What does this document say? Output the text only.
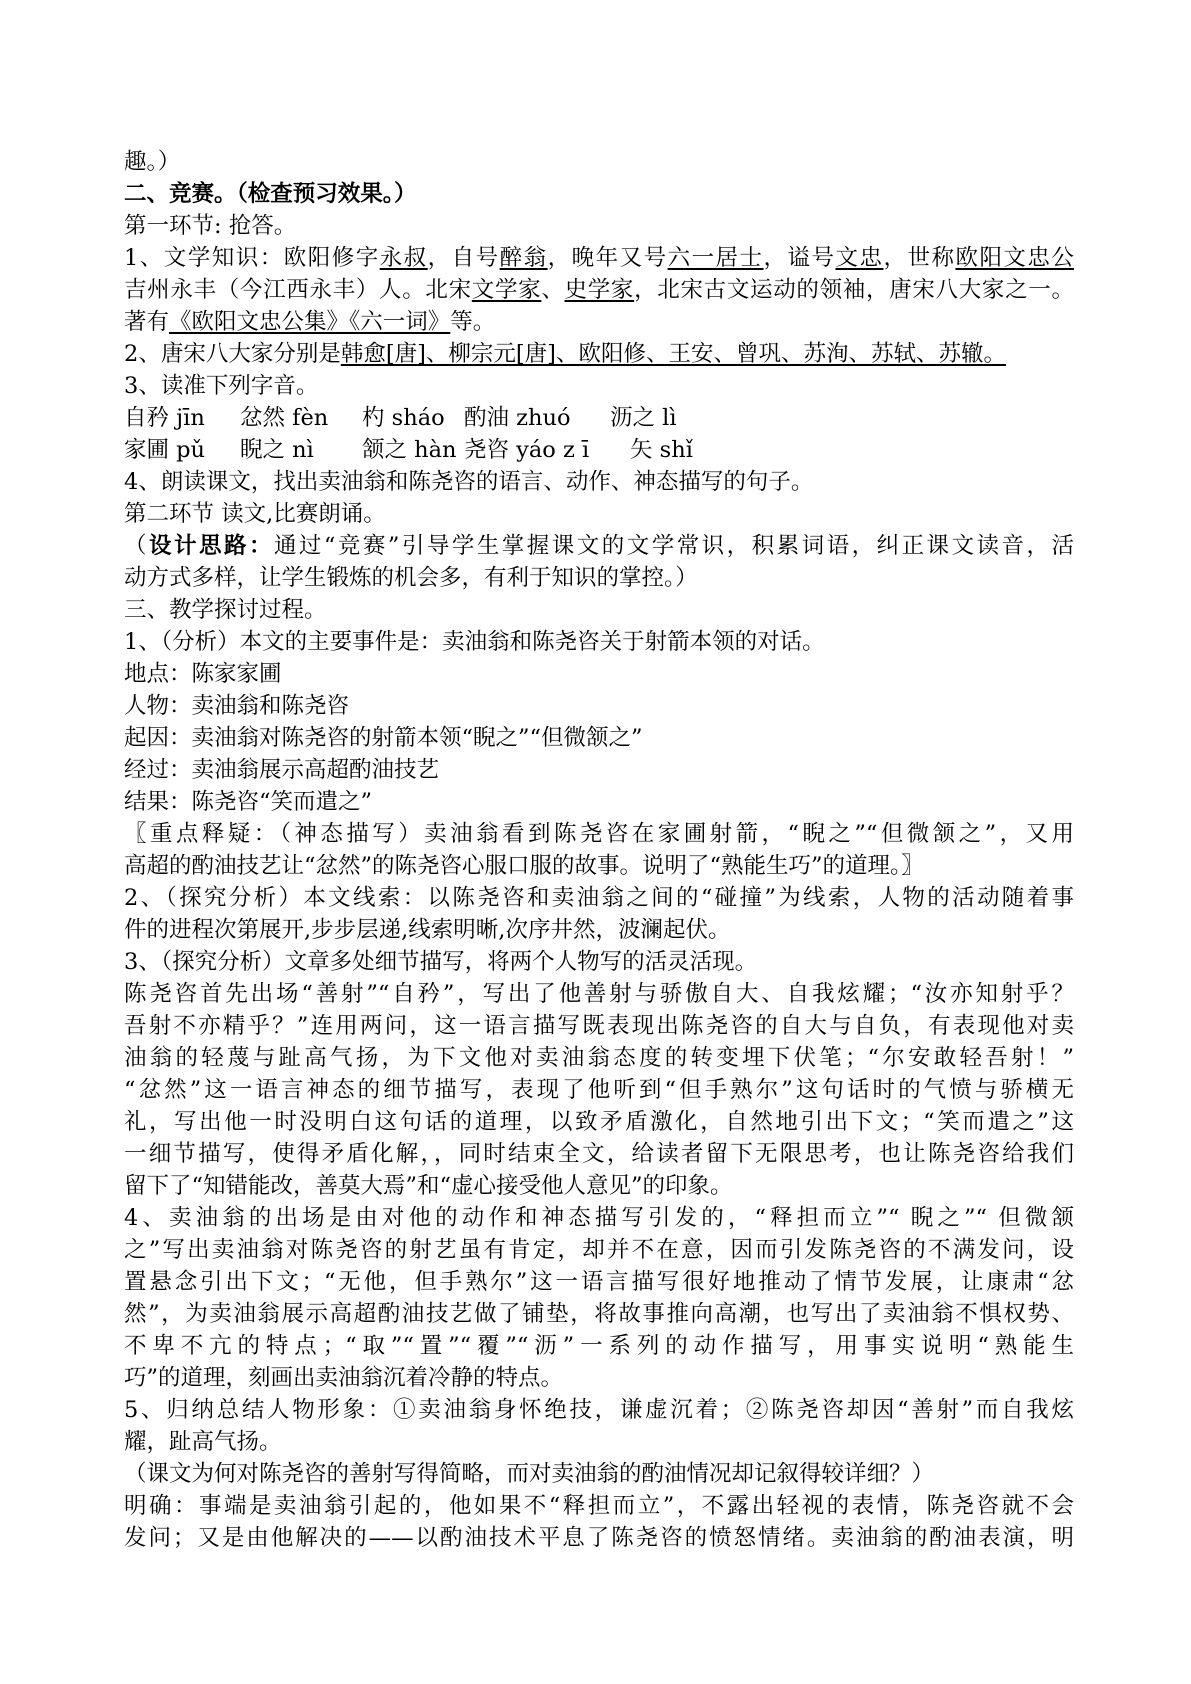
趣。）
二、竞赛。（检查预习效果。）
第一环节: 抢答。
1、文学知识：欧阳修字永叔，自号醉翁，晚年又号六一居士，谥号文忠，世称欧阳文忠公
吉州永丰（今江西永丰）人。北宋文学家、史学家，北宋古文运动的领袖，唐宋八大家之一。
著有《欧阳文忠公集》《六一词》等。
2、唐宋八大家分别是韩愈[唐]、柳宗元[唐]、欧阳修、王安、曾巩、苏洵、苏轼、苏辙。
3、读准下列字音。
自矜 jīn 忿然 fèn 杓 sháo 酌油 zhuó 沥之 lì
家圃 pǔ 睨之 nì 颔之 hàn 尧咨 yáo z ī 矢 shǐ
4、朗读课文，找出卖油翁和陈尧咨的语言、动作、神态描写的句子。
第二环节 读文,比赛朗诵。
（设计思路：通过“竞赛”引导学生掌握课文的文学常识，积累词语，纠正课文读音，活
动方式多样，让学生锻炼的机会多，有利于知识的掌控。）
三、教学探讨过程。
1、（分析）本文的主要事件是：卖油翁和陈尧咨关于射箭本领的对话。
地点：陈家家圃
人物：卖油翁和陈尧咨
起因：卖油翁对陈尧咨的射箭本领“睨之”“但微颔之”
经过：卖油翁展示高超酌油技艺
结果：陈尧咨“笑而遣之”
〖重点释疑：（神态描写）卖油翁看到陈尧咨在家圃射箭，“睨之”“但微颔之”，又用
高超的酌油技艺让“忿然”的陈尧咨心服口服的故事。说明了“熟能生巧”的道理。〗
2、（探究分析）本文线索：以陈尧咨和卖油翁之间的“碰撞”为线索，人物的活动随着事
件的进程次第展开,步步层递,线索明晰,次序井然，波澜起伏。
3、（探究分析）文章多处细节描写，将两个人物写的活灵活现。
陈尧咨首先出场“善射”“自矜”，写出了他善射与骄傲自大、自我炫耀；“汝亦知射乎？
吾射不亦精乎？”连用两问，这一语言描写既表现出陈尧咨的自大与自负，有表现他对卖
油翁的轻蔑与趾高气扬，为下文他对卖油翁态度的转变埋下伏笔；“尔安敢轻吾射！”
“忿然”这一语言神态的细节描写，表现了他听到“但手熟尔”这句话时的气愤与骄横无
礼，写出他一时没明白这句话的道理，以致矛盾激化，自然地引出下文；“笑而遣之”这
一细节描写，使得矛盾化解，，同时结束全文，给读者留下无限思考，也让陈尧咨给我们
留下了“知错能改，善莫大焉”和“虚心接受他人意见”的印象。
4、卖油翁的出场是由对他的动作和神态描写引发的，“释担而立”“ 睨之”“ 但微颔
之”写出卖油翁对陈尧咨的射艺虽有肯定，却并不在意，因而引发陈尧咨的不满发问，设
置悬念引出下文；“无他，但手熟尔”这一语言描写很好地推动了情节发展，让康肃“忿
然”，为卖油翁展示高超酌油技艺做了铺垫，将故事推向高潮，也写出了卖油翁不惧权势、
不卑不亢的特点；“取”“置”“覆”“沥”一系列的动作描写，用事实说明“熟能生
巧”的道理，刻画出卖油翁沉着冷静的特点。
5、归纳总结人物形象：①卖油翁身怀绝技，谦虚沉着；②陈尧咨却因“善射”而自我炫
耀，趾高气扬。
（课文为何对陈尧咨的善射写得简略，而对卖油翁的酌油情况却记叙得较详细？）
明确：事端是卖油翁引起的，他如果不“释担而立”，不露出轻视的表情，陈尧咨就不会
发问；又是由他解决的——以酌油技术平息了陈尧咨的愤怒情绪。卖油翁的酌油表演，明
